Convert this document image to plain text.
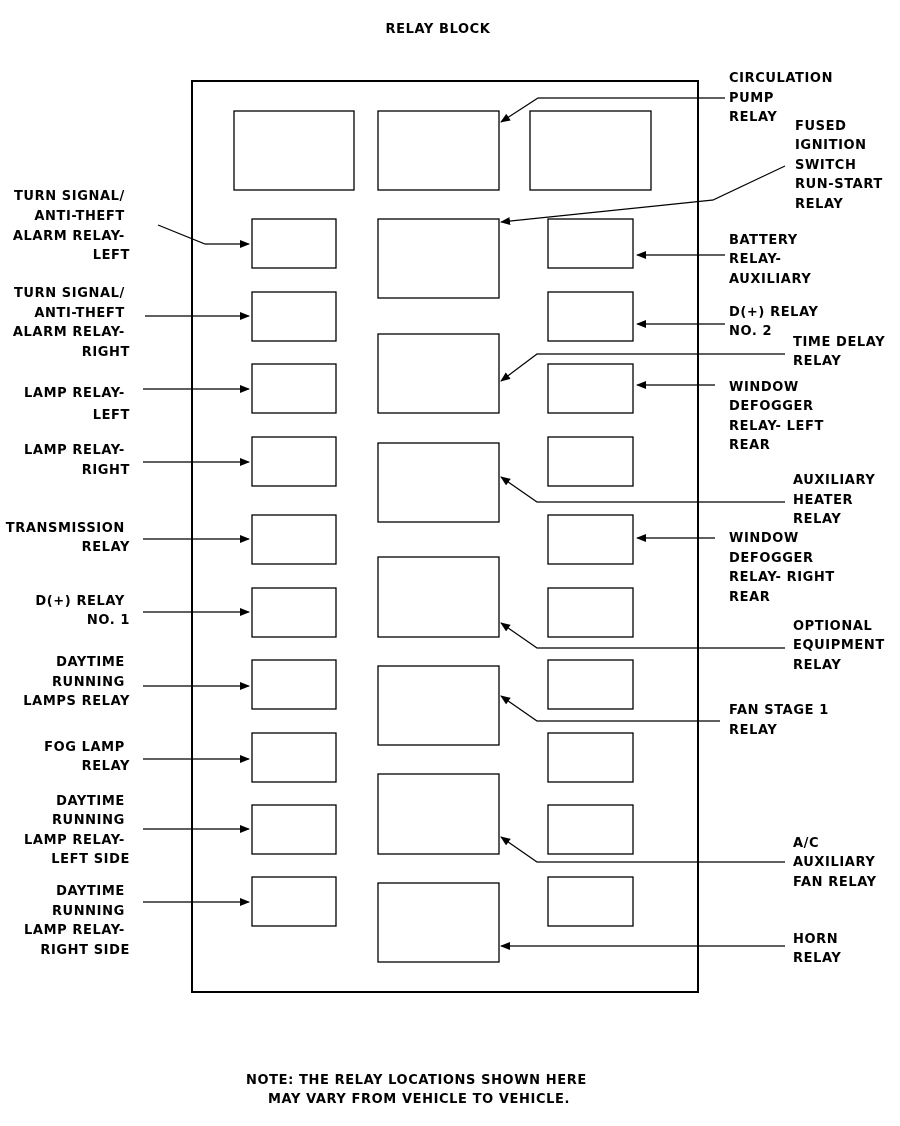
RELAY BLOCK
TURN SIGNAL/ ANTI-THEFT ALARM RELAY- LEFT
TURN SIGNAL/ ANTI-THEFT ALARM RELAY- RIGHT
LAMP RELAY- LEFT
LAMP RELAY- RIGHT
TRANSMISSION RELAY
D(+) RELAY NO. 1
DAYTIME RUNNING LAMPS RELAY
FOG LAMP RELAY
DAYTIME RUNNING LAMP RELAY- LEFT SIDE
DAYTIME RUNNING LAMP RELAY- RIGHT SIDE
CIRCULATION PUMP RELAY
FUSED IGNITION SWITCH RUN-START RELAY
BATTERY RELAY- AUXILIARY
D(+) RELAY NO. 2
TIME DELAY RELAY
WINDOW DEFOGGER RELAY- LEFT REAR
AUXILIARY HEATER RELAY
WINDOW DEFOGGER RELAY- RIGHT REAR
OPTIONAL EQUIPMENT RELAY
FAN STAGE 1 RELAY
A/C AUXILIARY FAN RELAY
HORN RELAY
NOTE: THE RELAY LOCATIONS SHOWN HERE MAY VARY FROM VEHICLE TO VEHICLE.
